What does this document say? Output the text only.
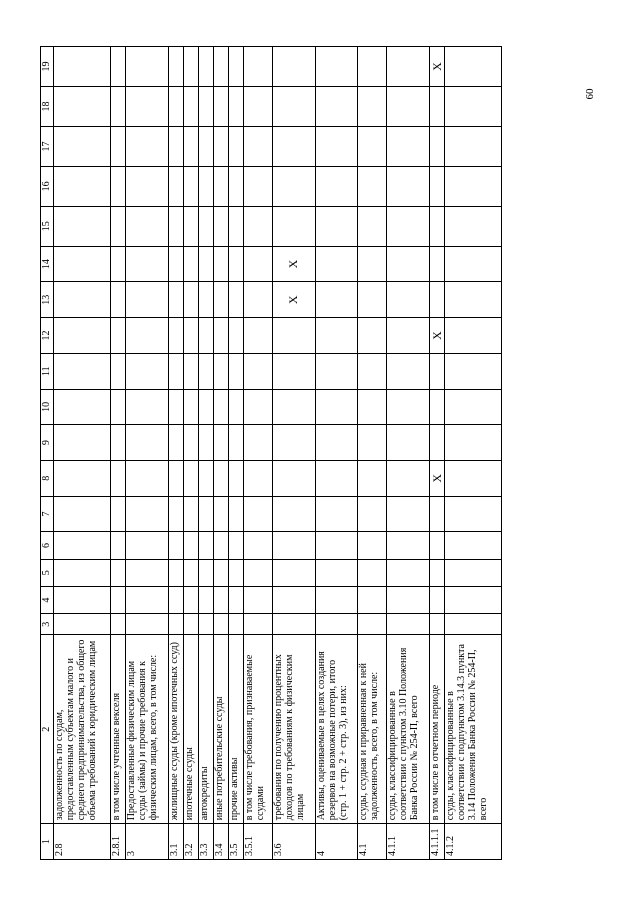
1	2	3	4	5	6	7	8	9	10	11	12	13	14	15	16	17	18	19
2.8	задолженность по ссудам, предоставленным субъектам малого и среднего предпринимательства, из общего объема требований к юридическим лицам																	
2.8.1	в том числе учтенные векселя																	
3	Предоставленные физическим лицам ссуды (займы) и прочие требования к физическим лицам, всего, в том числе:																	
3.1	жилищные ссуды (кроме ипотечных ссуд)																	
3.2	ипотечные ссуды																	
3.3	автокредиты																	
3.4	иные потребительские ссуды																	
3.5	прочие активы																	
3.5.1	в том числе требования, признаваемые ссудами																	
3.6	требования по получению процентных доходов по требованиям к физическим лицам											X	X					
4	Активы, оцениваемые в целях создания резервов на возможные потери, итого (стр. 1 + стр. 2 + стр. 3), из них:																	
4.1	ссуды, ссудная и приравненная к ней задолженность, всего, в том числе:																	
4.1.1	ссуды, классифицированные в соответствии с пунктом 3.10 Положения Банка России № 254-П, всего																	
4.1.1.1	в том числе в отчетном периоде						X				X							X
4.1.2	ссуды, классифицированные в соответствии с подпунктом 3.14.3 пункта 3.14 Положения Банка России № 254-П, всего																	
60
